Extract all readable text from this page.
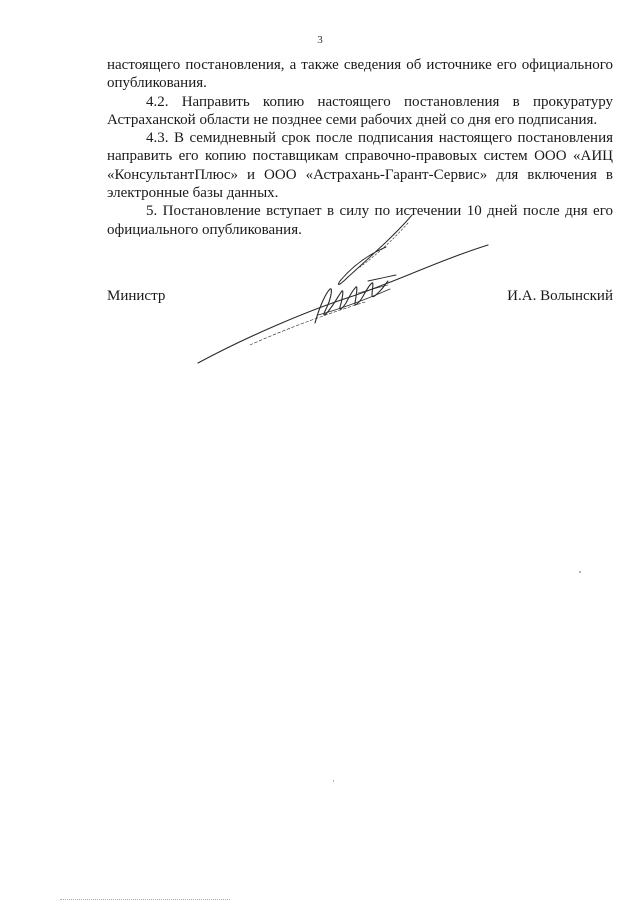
3

настоящего постановления, а также сведения об источнике его официального опубликования.

4.2. Направить копию настоящего постановления в прокуратуру Астраханской области не позднее семи рабочих дней со дня его подписания.

4.3. В семидневный срок после подписания настоящего постановления направить его копию поставщикам справочно-правовых систем ООО «АИЦ «КонсультантПлюс» и ООО «Астрахань-Гарант-Сервис» для включения в электронные базы данных.

5. Постановление вступает в силу по истечении 10 дней после дня его официального опубликования.

Министр	И.А. Волынский
